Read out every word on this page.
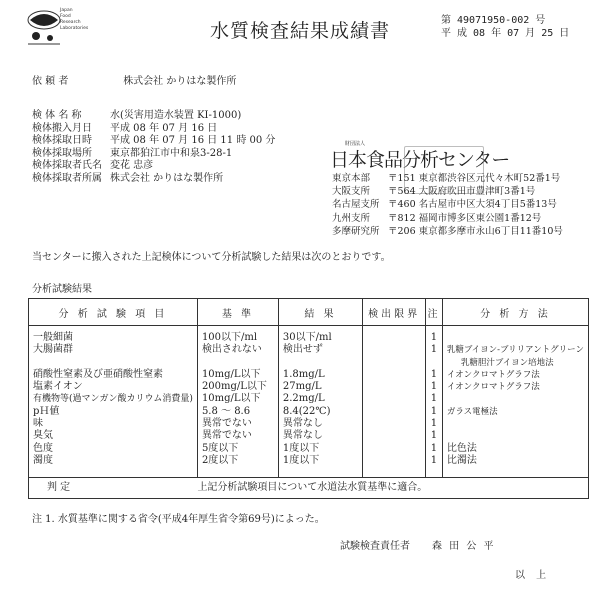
Japan
Food
Research
Laboratories	水質検査結果成績書	第 49071950-002 号
平 成 08 年 07 月 25 日
依 頼 者	株式会社 かりはな製作所
検 体 名 称	水(災害用造水装置 KI-1000)
検体搬入月日 平成 08 年 07 月 16 日
検体採取日時 平成 08 年 07 月 16 日 11 時 00 分
検体採取場所 東京都狛江市中和泉3-28-1
検体採取者氏名 変花 忠彦
検体採取者所属 株式会社 かりはな製作所
財団法人
日本食品分析センター
東京本部 〒151 東京都渋谷区元代々木町52番1号
大阪支所 〒564 大阪府吹田市豊津町3番1号
名古屋支所 〒460 名古屋市中区大須4丁目5番13号
九州支所 〒812 福岡市博多区東公園1番12号
多摩研究所 〒206 東京都多摩市永山6丁目11番10号
当センターに搬入された上記検体について分析試験した結果は次のとおりです。
分析試験結果
分 析 試 験 項 目	基 準	結 果	検出限界	注	分 析 方 法
一般細菌	100以下/ml	30以下/ml		1	
大腸菌群	検出されない	検出せず		1	乳糖ブイヨン-ブリリアントグリーン
					乳糖胆汁ブイヨン培地法
硝酸性窒素及び亜硝酸性窒素	10mg/L以下	1.8mg/L		1	イオンクロマトグラフ法
塩素イオン	200mg/L以下	27mg/L		1	イオンクロマトグラフ法
有機物等(過マンガン酸カリウム消費量)	10mg/L以下	2.2mg/L		1	
pＨ値	5.8 ～ 8.6	8.4(22℃)		1	ガラス電極法
味	異常でない	異常なし		1	
臭気	異常でない	異常なし		1	
色度	5度以下	1度以下		1	比色法
濁度	2度以下	1度以下		1	比濁法
判 定	上記分析試験項目について水道法水質基準に適合。				
注 1. 水質基準に関する省令(平成4年厚生省令第69号)によった。
試験検査責任者 森 田 公 平
以 上
